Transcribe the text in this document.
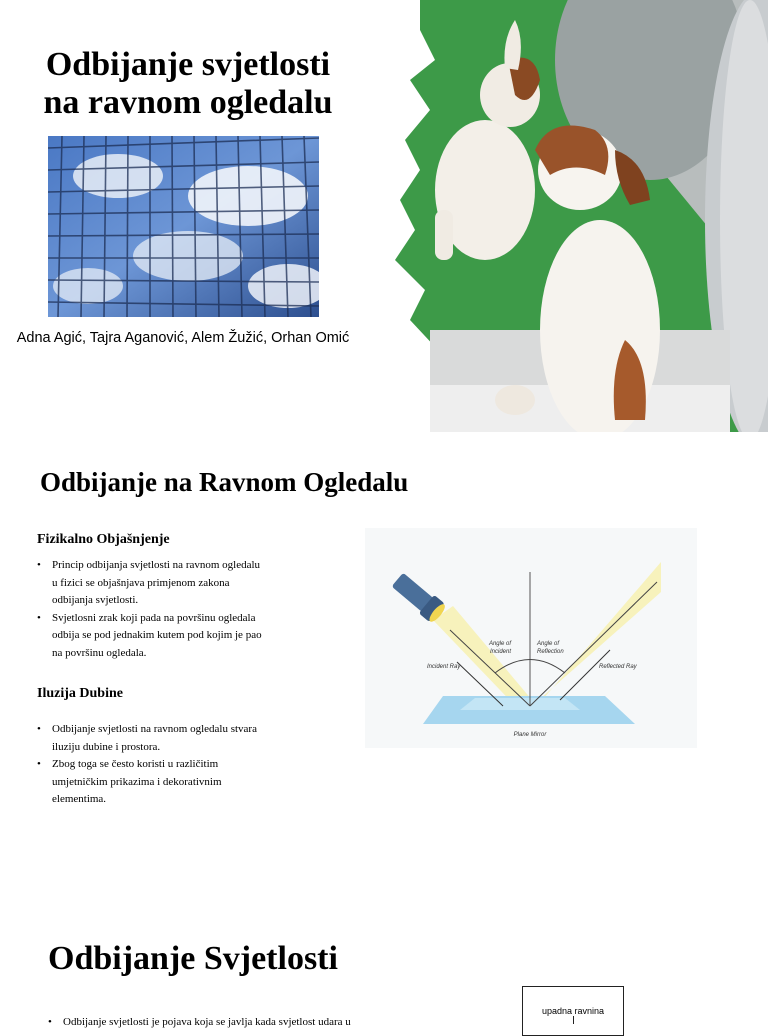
Odbijanje svjetlosti
na ravnom ogledalu
Adna Agić, Tajra Aganović, Alem Žužić, Orhan Omić
Odbijanje na Ravnom Ogledalu
Fizikalno Objašnjenje
• Princip odbijanja svjetlosti na ravnom ogledalu u fizici se objašnjava primjenom zakona odbijanja svjetlosti.
• Svjetlosni zrak koji pada na površinu ogledala odbija se pod jednakim kutem pod kojim je pao na površinu ogledala.
Iluzija Dubine
• Odbijanje svjetlosti na ravnom ogledalu stvara iluziju dubine i prostora.
• Zbog toga se često koristi u različitim umjetničkim prikazima i dekorativnim elementima.
Angle of
Incident
Angle of
Reflection
Incident Ray	Reflected Ray
Plane Mirror
Odbijanje Svjetlosti
• Odbijanje svjetlosti je pojava koja se javlja kada svjetlost udara u
upadna ravnina
